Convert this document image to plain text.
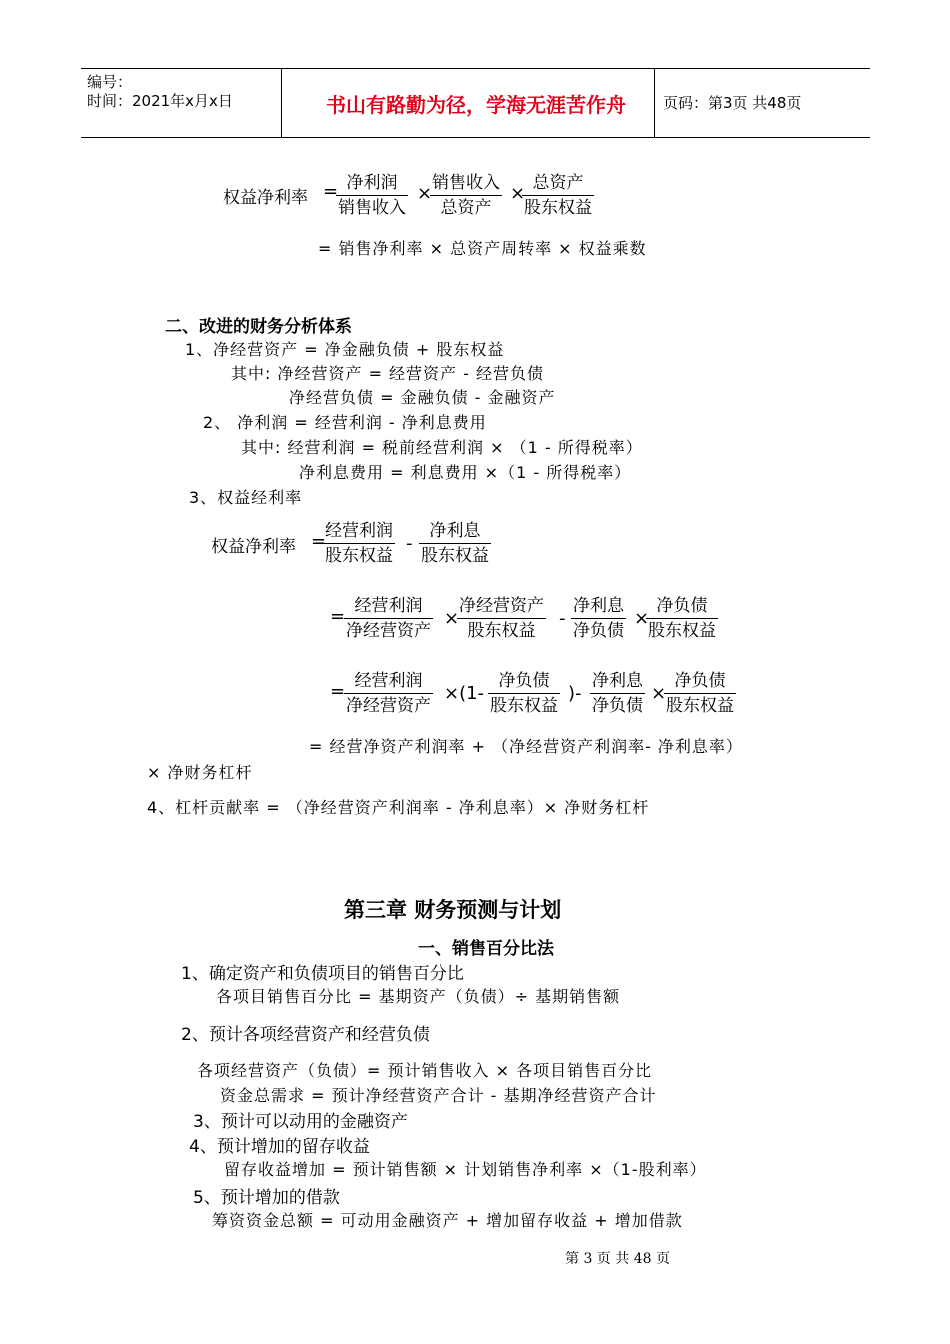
编号：
时间：2021年x月x日	书山有路勤为径，学海无涯苦作舟	页码：第3页 共48页
权益净利率 = 净利润
销售收入
× 销售收入
总资产
× 总资产
股东权益
= 销售净利率 × 总资产周转率 × 权益乘数
二、改进的财务分析体系
1、净经营资产 = 净金融负债 + 股东权益
其中: 净经营资产 = 经营资产 - 经营负债
净经营负债 = 金融负债 - 金融资产
2、 净利润 = 经营利润 - 净利息费用
其中: 经营利润 = 税前经营利润 × （1 - 所得税率）
净利息费用 = 利息费用 ×（1 - 所得税率）
3、权益经利率
权益净利率 =
经营利润
股东权益
-
净利息
股东权益
= 经营利润
净经营资产
×
净经营资产
股东权益
-
净利息
净负债
×
净负债
股东权益
= 经营利润
净经营资产
×(1-
净负债
股东权益
)-
净利息
净负债
×
净负债
股东权益
= 经营净资产利润率 + （净经营资产利润率- 净利息率）
× 净财务杠杆
4、杠杆贡献率 = （净经营资产利润率 - 净利息率）× 净财务杠杆
第三章 财务预测与计划
一、销售百分比法
1、确定资产和负债项目的销售百分比
各项目销售百分比 = 基期资产（负债）÷ 基期销售额
2、预计各项经营资产和经营负债
各项经营资产（负债）= 预计销售收入 × 各项目销售百分比
资金总需求 = 预计净经营资产合计 - 基期净经营资产合计
3、预计可以动用的金融资产
4、预计增加的留存收益
留存收益增加 = 预计销售额 × 计划销售净利率 ×（1-股利率）
5、预计增加的借款
筹资资金总额 = 可动用金融资产 + 增加留存收益 + 增加借款
第 3 页 共 48 页
